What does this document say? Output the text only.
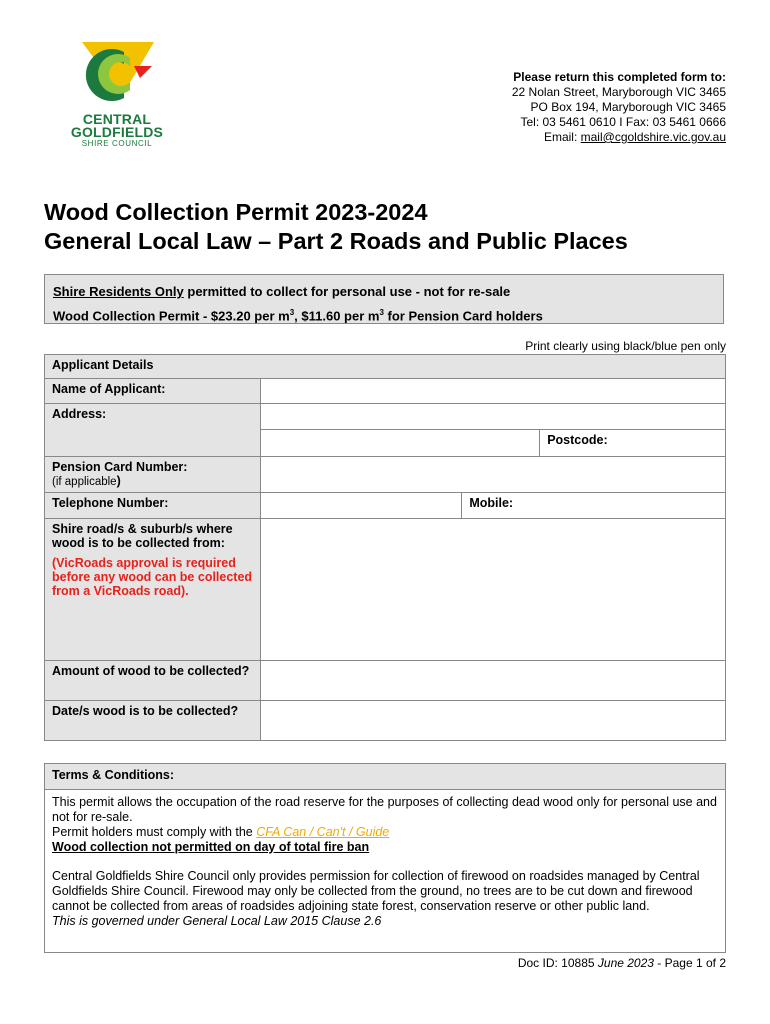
CENTRAL
GOLDFIELDS
SHIRE COUNCIL
Please return this completed form to:
22 Nolan Street, Maryborough VIC 3465
PO Box 194, Maryborough VIC 3465
Tel: 03 5461 0610 I Fax: 03 5461 0666
Email: mail@cgoldshire.vic.gov.au
Wood Collection Permit 2023-2024
General Local Law – Part 2 Roads and Public Places
Shire Residents Only permitted to collect for personal use - not for re-sale
Wood Collection Permit - $23.20 per $m^3$, $11.60 per $m^3$ for Pension Card holders
Print clearly using black/blue pen only
Applicant Details			
Name of Applicant:			
Address:			
			Postcode:

Pension Card Number:
(if applicable)			

Telephone Number:		Mobile:	

Shire road/s & suburb/s where wood is to be collected from:
(VicRoads approval is required before any wood can be collected from a VicRoads road).			

Amount of wood to be collected?			
Date/s wood is to be collected?			
Terms & Conditions:

This permit allows the occupation of the road reserve for the purposes of collecting dead wood only for personal use and not for re-sale.

Permit holders must comply with the CFA Can / Can't / Guide

Wood collection not permitted on day of total fire ban

Central Goldfields Shire Council only provides permission for collection of firewood on roadsides managed by Central Goldfields Shire Council. Firewood may only be collected from the ground, no trees are to be cut down and firewood cannot be collected from areas of roadsides adjoining state forest, conservation reserve or other public land.

This is governed under General Local Law 2015 Clause 2.6

Doc ID: 10885 June 2023 - Page 1 of 2
